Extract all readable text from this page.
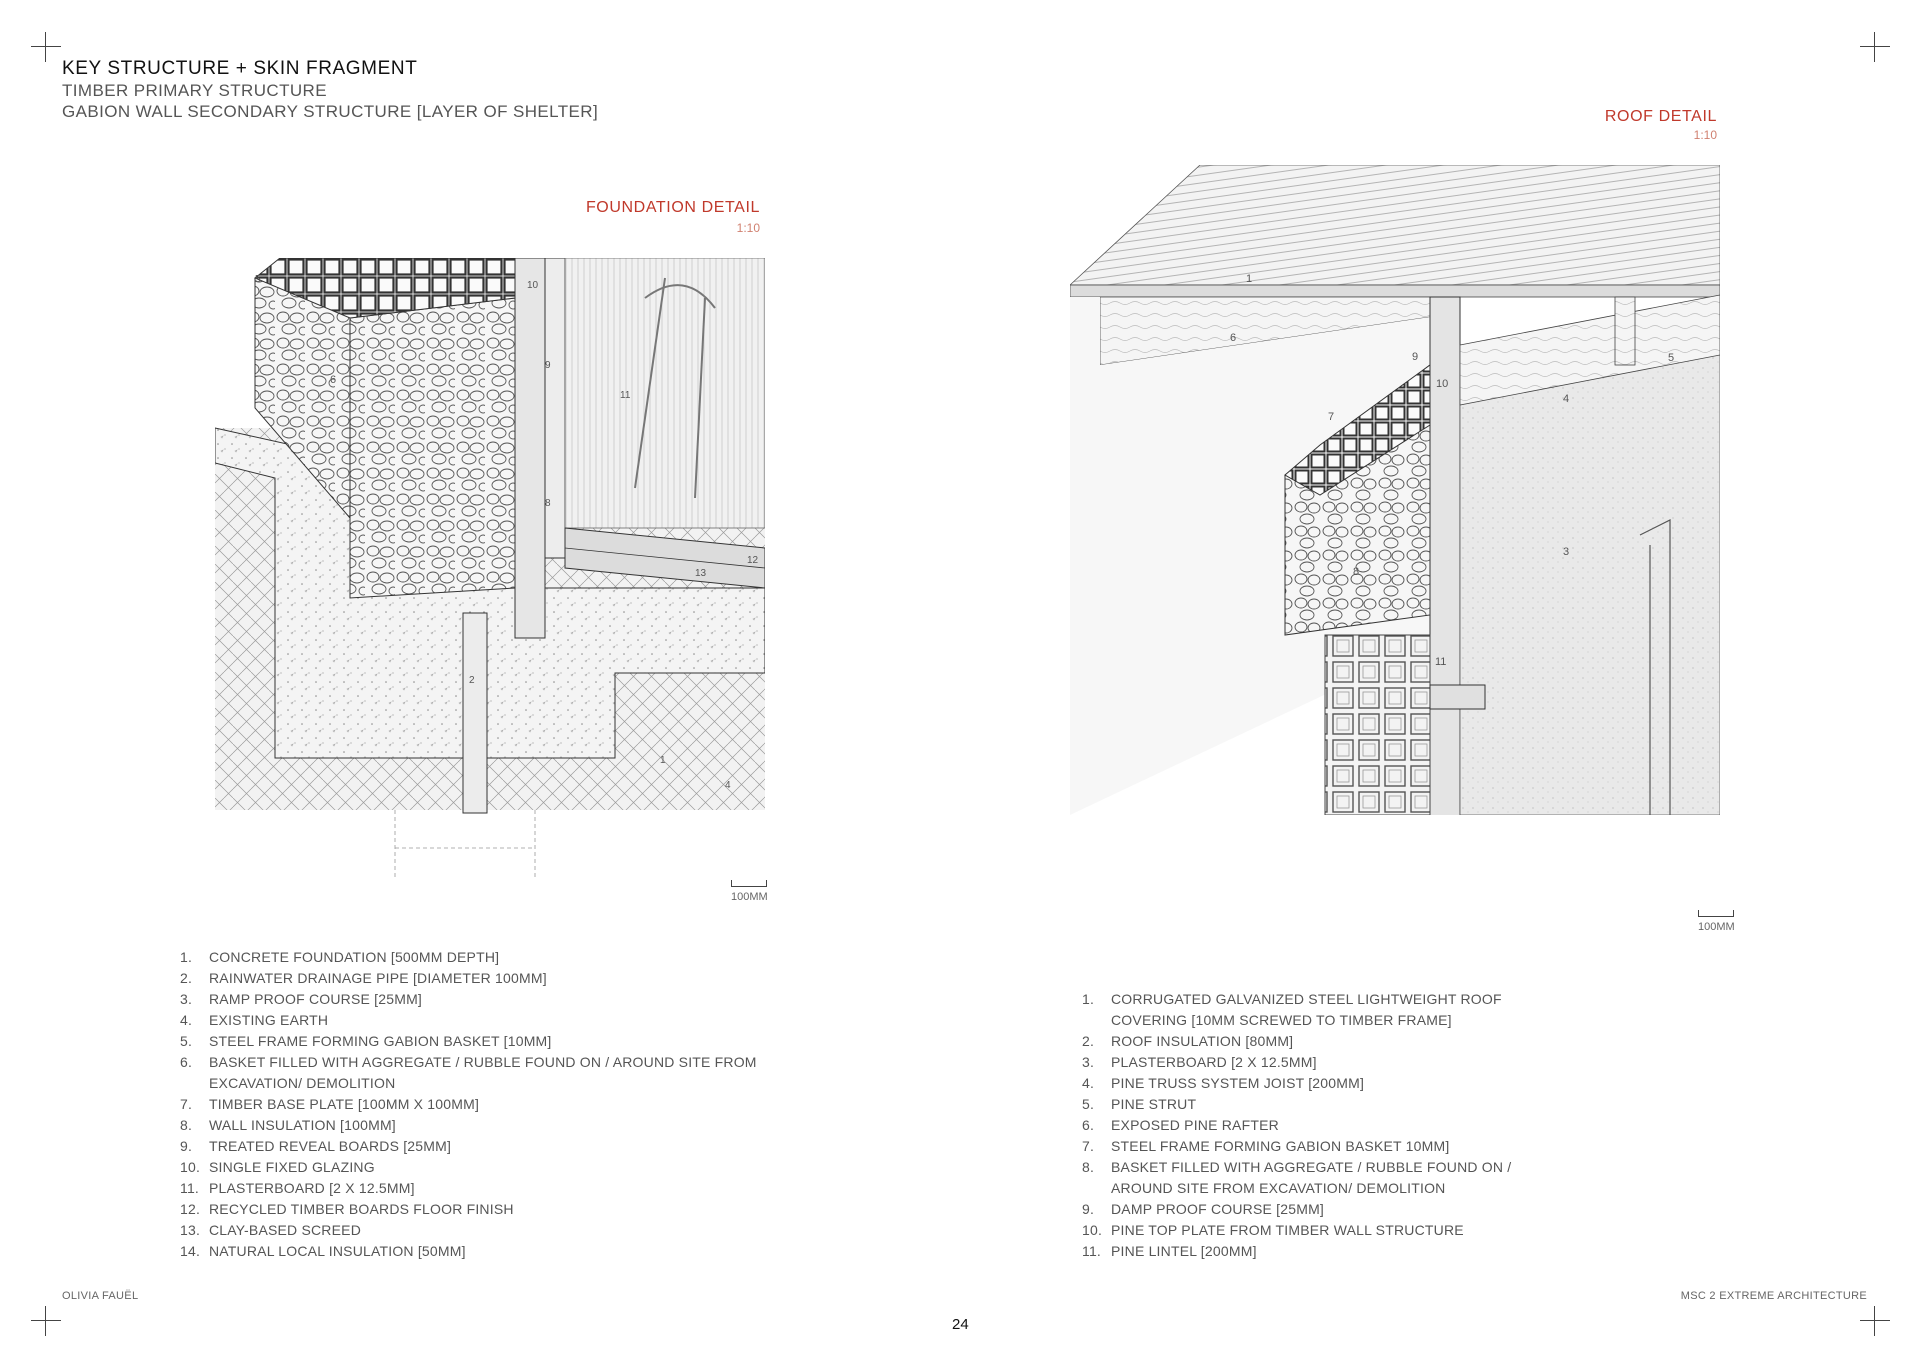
KEY STRUCTURE + SKIN FRAGMENT
TIMBER PRIMARY STRUCTURE
GABION WALL SECONDARY STRUCTURE [LAYER OF SHELTER]
FOUNDATION DETAIL
1:10
5
6
10
11
12
13
9
8
2
1
4
100MM
1.	CONCRETE FOUNDATION [500MM DEPTH]
2.	RAINWATER DRAINAGE PIPE [DIAMETER 100MM]
3.	RAMP PROOF COURSE [25MM]
4.	EXISTING EARTH
5.	STEEL FRAME FORMING GABION BASKET [10MM]
6.	BASKET FILLED WITH AGGREGATE / RUBBLE FOUND ON / AROUND SITE FROM EXCAVATION/ DEMOLITION
7.	TIMBER BASE PLATE [100MM X 100MM]
8.	WALL INSULATION [100MM]
9.	TREATED REVEAL BOARDS [25MM]
10. SINGLE FIXED GLAZING
11. PLASTERBOARD [2 X 12.5MM]
12. RECYCLED TIMBER BOARDS FLOOR FINISH
13. CLAY-BASED SCREED
14. NATURAL LOCAL INSULATION [50MM]
ROOF DETAIL
1:10
1
6
5
4
9
10
7
8
3
11
100MM
1.	CORRUGATED GALVANIZED STEEL LIGHTWEIGHT ROOF COVERING [10MM SCREWED TO TIMBER FRAME]
2.	ROOF INSULATION [80MM]
3.	PLASTERBOARD [2 X 12.5MM]
4.	PINE TRUSS SYSTEM JOIST [200MM]
5.	PINE STRUT
6.	EXPOSED PINE RAFTER
7.	STEEL FRAME FORMING GABION BASKET 10MM]
8.	BASKET FILLED WITH AGGREGATE / RUBBLE FOUND ON / AROUND SITE FROM EXCAVATION/ DEMOLITION
9.	DAMP PROOF COURSE [25MM]
10. PINE TOP PLATE FROM TIMBER WALL STRUCTURE
11. PINE LINTEL [200MM]
OLIVIA FAUËL
24
MSC 2 EXTREME ARCHITECTURE
